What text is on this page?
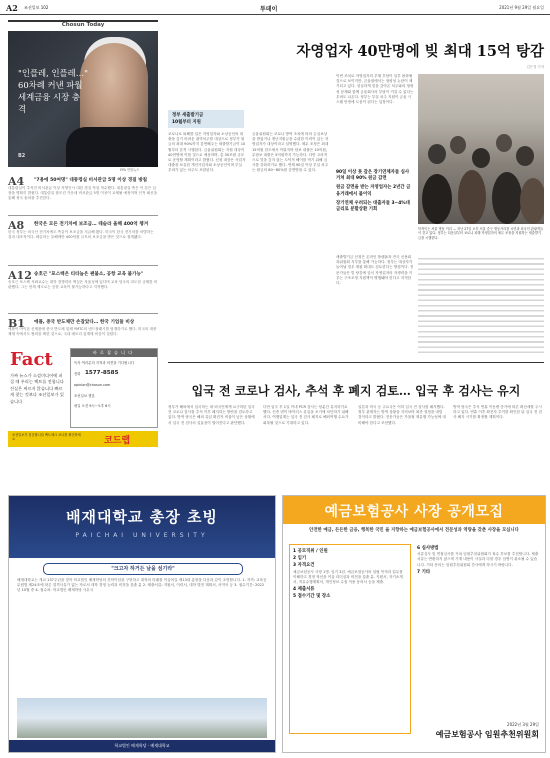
A2 조선일보 102	투데이	2021년 9월 29일 월요일
Chosun Today
"인플레, 인플레…" 60차례 커낸 파월 세계금융 시장 충격
B2
EPA 연합뉴스
A4 "7용에 50여명" 대통령실 비서관급 5명 이상 경질 방침
대통령실이 추석전 비서관급 이상 저명인사 대한 경질 작업 착수했다. 대통령실 측은 이 같은 입장을 명확히 밝혔다. 대통령실 참모진 가운데 비서관급 5명 이상이 교체될 예정이며 인적 쇄신을 통해 정국 돌파를 추진한다.
A8 한국은 모든 전기차에 보조금… 테슬라 올해 400억 챙겨
한국 정부는 외국산 전기차에도 똑같이 보조금을 지급해 왔다. 미국이 한국 전기차를 차별하는 것과 대조적이다. 테슬라는 올해에만 400억원 규모의 보조금을 받은 것으로 집계됐다.
A12 송호근 "포스텍은 티타늄은 괜불소, 공항 교육 불가능"
송호근 포스텍 석좌교수는 대학 경쟁력의 핵심은 자율성에 있다며 교육 당국의 과도한 규제를 비판했다. 그는 현재 제도로는 공항 교육이 불가능하다고 지적했다.
B1 애플, 중국 반도체만 손잡았다… 한국 기업들 비상
애플이 아이폰 신제품에 중국 반도체 업체 YMTC의 낸드플래시를 탑재하기로 했다. 미국의 대중 제재 속에서도 협력을 택한 것으로, 국내 메모리 업계에 비상이 걸렸다.
Fact
가짜 뉴스가 소셜미디어에 퍼질 때 우리는 팩트를 전합니다 진실은 찌르지 않습니다 빠르게 찾는 것보다 조선일보가 있습니다
바로잡습니다
독자 여러분의 지적과 의견을 기다립니다
전화 1577-8585
opinion@chosun.com
조선일보 챗봇
평일 오전 9시~오후 6시
조선일보가 검증합니다 팩트체크 코너를 확인하세요	코드랩
자영업자 40만명에 빚 최대 15억 탕감
김은정 기자
정부 새출발기금
10월부터 지원
코로나로 피해를 입은 자영업자와 소상공인의 대출을 갚기 어려운 취약차주를 대상으로 정부가 원금의 최대 90%까지 감면해주는 새출발기금이 10월부터 본격 시행된다. 금융위원회는 지원 대상이 40만명에 이를 것으로 예상하며, 총 30조원 규모로 운영할 계획이라고 밝혔다. 신청 대상은 사업자 대출을 보유한 개인사업자와 소상공인이며 부실 우려가 있는 차주도 포함된다.
금융위원회는 코로나 방역 조치에 따라 손실보상을 받았거나 재난지원금을 수령한 이력이 있는 자영업자가 대상이라고 설명했다. 채무 조정은 최대 15억원 한도에서 이뤄지며 담보 대출은 10억원, 무담보 대출은 5억원까지 가능하다. 다만 고의적으로 빚을 갚지 않는 도덕적 해이를 막기 위해 심사를 강화하기로 했다. 연체 90일 이상 부실 차주는 원금의 60~80%를 감면받을 수 있다.
이번 조치로 자영업자의 부채 부담이 일부 완화될 것으로 보이지만, 금융권에서는 형평성 논란이 제기되고 있다. 성실하게 빚을 갚아온 차주와의 형평성 문제와 함께 금융회사의 부담이 커질 수 있다는 우려도 나온다. 정부는 부실 차주 지원이 금융 시스템 안정에 도움이 된다는 입장이다.
90일 이상 못 갚은 장기연체자들 심사 거쳐 최대 90% 원금 감면
원금 감면을 받는 자영업자는 2년간 금융거래에서 불이익
장기연체 우려되는 대출자들 3~4%대 금리로 분할상환 기회
북적이는 서울 명동 거리 — 지난 27일 오후 서울 중구 명동거리를 시민과 외국인 관광객들이 걷고 있다. 정부는 다음달부터 코로나 피해 자영업자의 채무 조정을 지원하는 새출발기금을 시행한다.
새출발기금 신청은 온라인 플랫폼과 전국 신용회복위원회 지부를 통해 가능하다. 정부는 대상자가 늘어날 경우 재원 확대도 검토한다는 방침이다. 전문가들은 빚 탕감에 앞서 자영업자의 자생력을 키우는 구조조정 지원책이 병행돼야 한다고 지적한다.
입국 전 코로나 검사, 추석 후 폐지 검토… 입국 후 검사는 유지
정부가 해외에서 입국하는 내·외국인에게 요구하던 입국 전 코로나 검사를 추석 이후 폐지하는 방안을 검토하고 있다. 방역 당국은 해외 유입 확진자 비율이 낮은 상황에서 입국 전 검사의 실효성이 떨어진다고 판단했다.
다만 입국 후 1일 이내 PCR 검사는 당분간 유지하기로 했다. 신종 변이 바이러스 유입을 조기에 차단하기 위해서다. 여행업계는 입국 전 검사 폐지로 해외여행 수요가 회복될 것으로 기대하고 있다.
일본과 미국 등 주요국은 이미 입국 전 검사를 폐지했다. 정부 관계자는 방역 상황을 지켜보며 최종 결정을 내릴 것이라고 밝혔다. 전문가들은 가을철 재유행 가능성에 대비해야 한다고 조언했다.
방역 당국은 추석 연휴 이동량 증가에 따른 확산세를 주시하고 있다. 연휴 이후 확진자 추이를 확인한 뒤 입국 전 검사 폐지 시기를 확정할 계획이다.
배재대학교 총장 초빙
PAICHAI UNIVERSITY
"크고자 하거든 남을 섬기라"
배재대학교는 개교 137주년을 맞아 학교법인 배재학당의 건학이념을 구현하고 대학의 미래를 이끌어갈 제13대 총장을 다음과 같이 초빙합니다. 1. 자격: 교육공무원법 제24조에 따른 결격사유가 없는 자로서 대학 경영 능력과 비전을 갖춘 분 2. 제출서류: 지원서, 이력서, 대학 발전 계획서, 서약서 등 3. 접수기간: 2022년 10월 중 4. 접수처: 학교법인 배재학당 사무국
학교법인 배재학당 · 배재대학교
예금보험공사 사장 공개모집
안전한 예금, 든든한 금융, 행복한 국민 을 지향하는 예금보험공사에서 전문성과 역량을 갖춘 사장을 모십니다
1 공모직위 / 인원
2 임기
3 자격요건
예금보험공사 사장 1명. 임기 3년. 예금보험공사의 설립 목적과 업무를 이해하고 경영 혁신을 이끌 리더십과 비전을 갖춘 분. 지원서, 자기소개서, 직무수행계획서, 개인정보 수집 이용 동의서 등을 제출.
4 제출서류
5 접수기간 및 장소
6 심사방법
서류심사 및 면접심사를 거쳐 임원추천위원회가 복수 후보를 추천합니다. 제출서류는 반환하지 않으며 기재 내용이 사실과 다를 경우 임명이 취소될 수 있습니다. 기타 문의는 임원추천위원회 간사에게 하시기 바랍니다.
7 기타
2022년 3월 29일
예금보험공사 임원추천위원회
